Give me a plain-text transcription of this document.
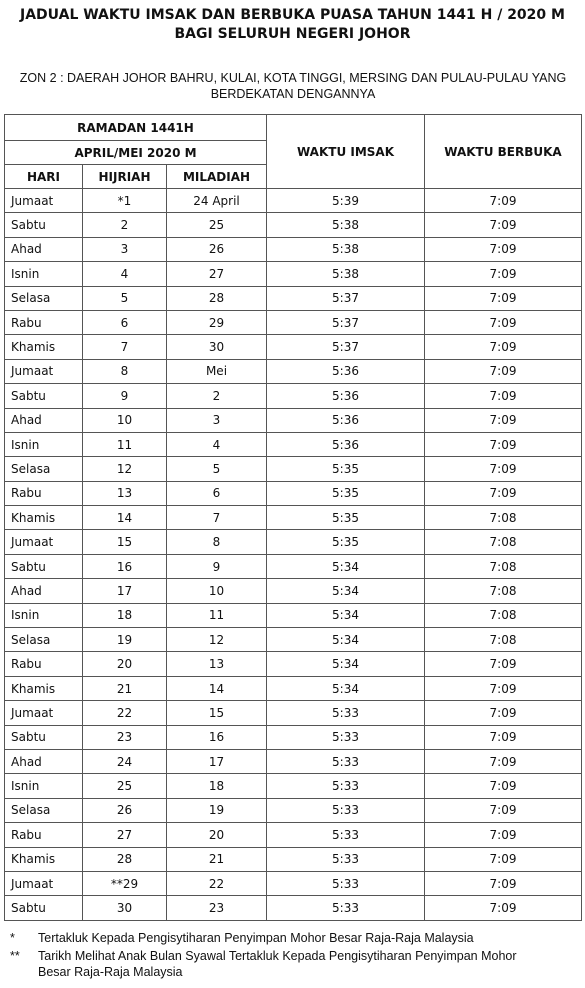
JADUAL WAKTU IMSAK DAN BERBUKA PUASA TAHUN 1441 H / 2020 M
BAGI SELURUH NEGERI JOHOR
ZON 2 : DAERAH JOHOR BAHRU, KULAI, KOTA TINGGI, MERSING DAN PULAU-PULAU YANG
BERDEKATAN DENGANNYA
RAMADAN 1441H			WAKTU IMSAK	WAKTU BERBUKA
APRIL/MEI 2020 M				
HARI	HIJRIAH	MILADIAH		
Jumaat	*1	24 April	5:39	7:09
Sabtu	2	25	5:38	7:09
Ahad	3	26	5:38	7:09
Isnin	4	27	5:38	7:09
Selasa	5	28	5:37	7:09
Rabu	6	29	5:37	7:09
Khamis	7	30	5:37	7:09
Jumaat	8	Mei	5:36	7:09
Sabtu	9	2	5:36	7:09
Ahad	10	3	5:36	7:09
Isnin	11	4	5:36	7:09
Selasa	12	5	5:35	7:09
Rabu	13	6	5:35	7:09
Khamis	14	7	5:35	7:08
Jumaat	15	8	5:35	7:08
Sabtu	16	9	5:34	7:08
Ahad	17	10	5:34	7:08
Isnin	18	11	5:34	7:08
Selasa	19	12	5:34	7:08
Rabu	20	13	5:34	7:09
Khamis	21	14	5:34	7:09
Jumaat	22	15	5:33	7:09
Sabtu	23	16	5:33	7:09
Ahad	24	17	5:33	7:09
Isnin	25	18	5:33	7:09
Selasa	26	19	5:33	7:09
Rabu	27	20	5:33	7:09
Khamis	28	21	5:33	7:09
Jumaat	**29	22	5:33	7:09
Sabtu	30	23	5:33	7:09
* Tertakluk Kepada Pengisytiharan Penyimpan Mohor Besar Raja-Raja Malaysia
** Tarikh Melihat Anak Bulan Syawal Tertakluk Kepada Pengisytiharan Penyimpan Mohor
Besar Raja-Raja Malaysia
